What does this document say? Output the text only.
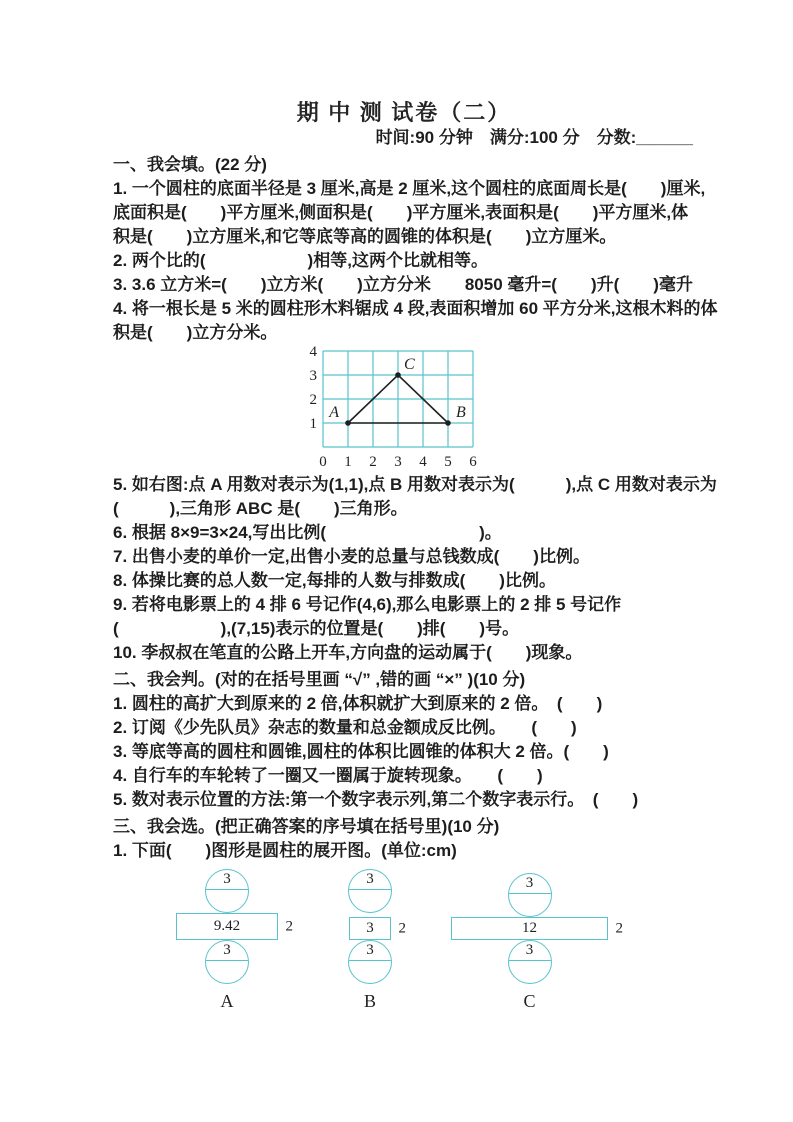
期 中 测 试卷（二）
时间:90 分钟　满分:100 分　分数:______
一、我会填。(22 分)
1. 一个圆柱的底面半径是 3 厘米,高是 2 厘米,这个圆柱的底面周长是(　　)厘米,
底面积是(　　)平方厘米,侧面积是(　　)平方厘米,表面积是(　　)平方厘米,体
积是(　　)立方厘米,和它等底等高的圆锥的体积是(　　)立方厘米。
2. 两个比的(　　　　　　)相等,这两个比就相等。
3. 3.6 立方米=(　　)立方米(　　)立方分米　　8050 毫升=(　　)升(　　)毫升
4. 将一根长是 5 米的圆柱形木料锯成 4 段,表面积增加 60 平方分米,这根木料的体
积是(　　)立方分米。
A	B
C
4
3
2
1
0 1 2 3 4 5 6
5. 如右图:点 A 用数对表示为(1,1),点 B 用数对表示为(　　　),点 C 用数对表示为
(　　　),三角形 ABC 是(　　)三角形。
6. 根据 8×9=3×24,写出比例(　　　　　　　　　)。
7. 出售小麦的单价一定,出售小麦的总量与总钱数成(　　)比例。
8. 体操比赛的总人数一定,每排的人数与排数成(　　)比例。
9. 若将电影票上的 4 排 6 号记作(4,6),那么电影票上的 2 排 5 号记作
(　　　　　　),(7,15)表示的位置是(　　)排(　　)号。
10. 李叔叔在笔直的公路上开车,方向盘的运动属于(　　)现象。
二、我会判。(对的在括号里画 “√” ,错的画 “×” )(10 分)
1. 圆柱的高扩大到原来的 2 倍,体积就扩大到原来的 2 倍。　(　　)
2. 订阅《少先队员》杂志的数量和总金额成反比例。　　(　　)
3. 等底等高的圆柱和圆锥,圆柱的体积比圆锥的体积大 2 倍。(　　)
4. 自行车的车轮转了一圈又一圈属于旋转现象。　　(　　)
5. 数对表示位置的方法:第一个数字表示列,第二个数字表示行。　(　　)
三、我会选。(把正确答案的序号填在括号里)(10 分)
1. 下面(　　)图形是圆柱的展开图。(单位:cm)
3
9.42	2
3
A
3
3 2
3
B
3
12	2
3
C
